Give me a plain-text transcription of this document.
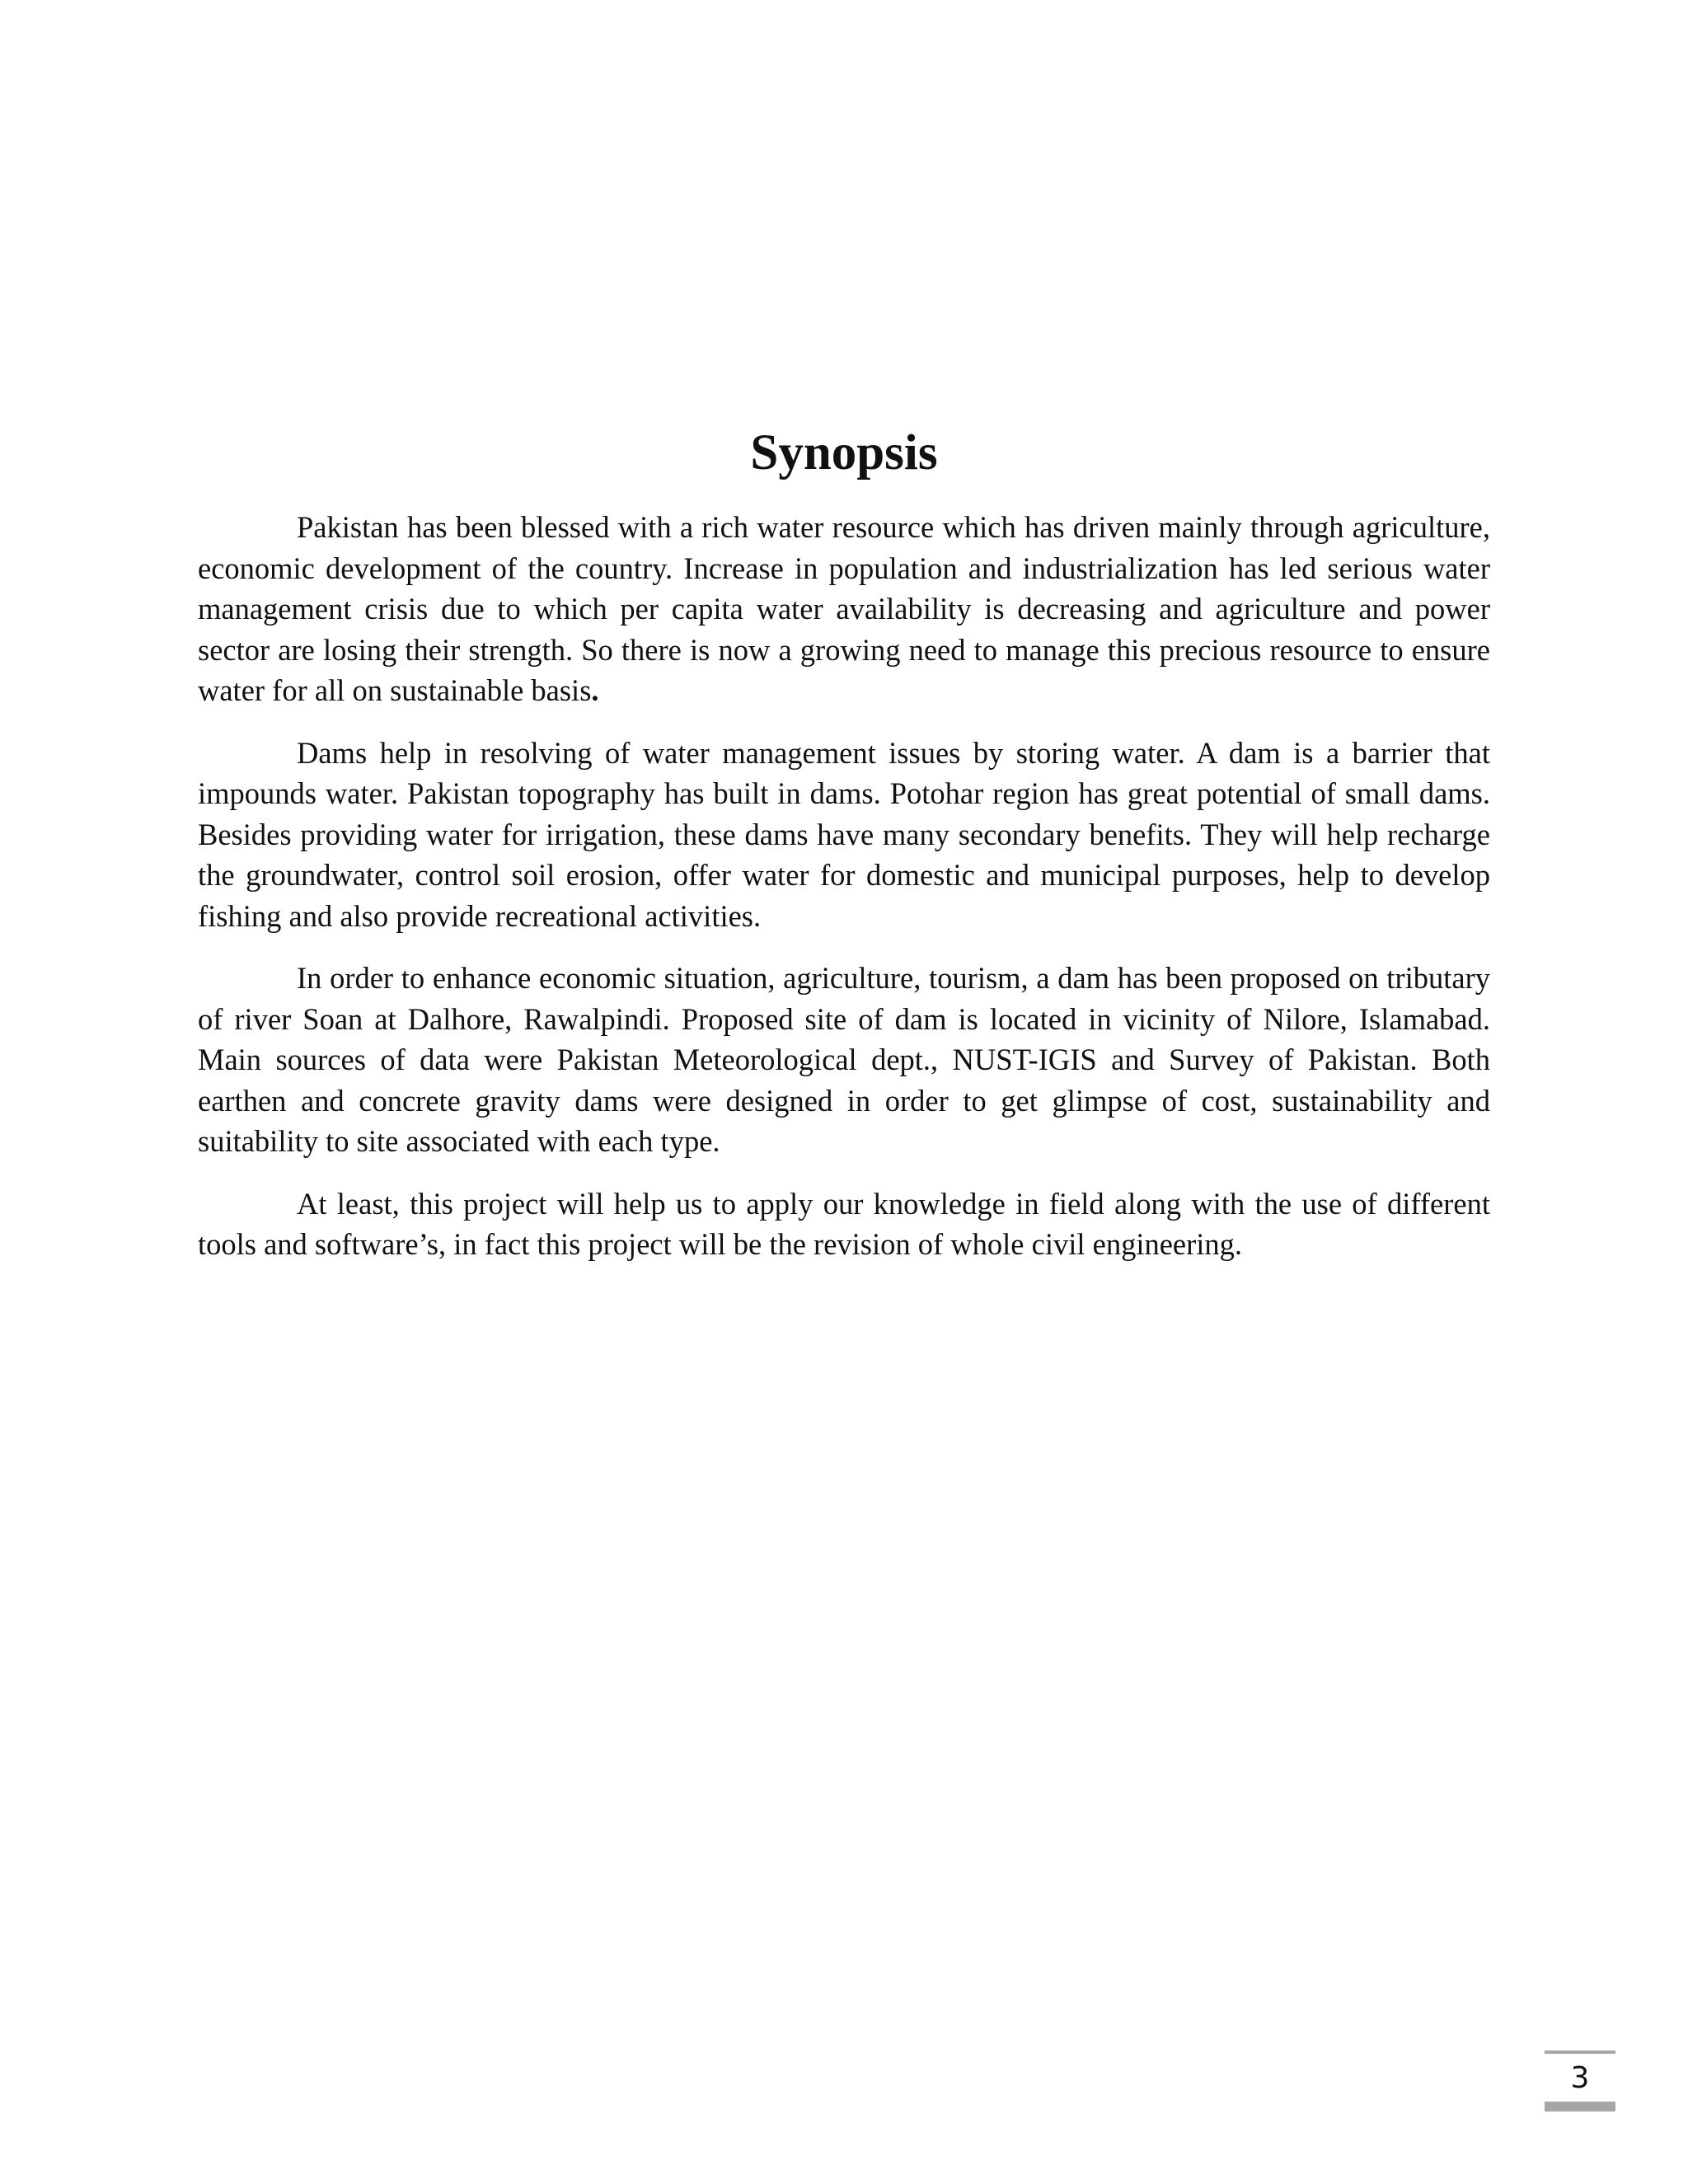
Synopsis

Pakistan has been blessed with a rich water resource which has driven mainly through agriculture, economic development of the country. Increase in population and industrialization has led serious water management crisis due to which per capita water availability is decreasing and agriculture and power sector are losing their strength. So there is now a growing need to manage this precious resource to ensure water for all on sustainable basis.

Dams help in resolving of water management issues by storing water. A dam is a barrier that impounds water. Pakistan topography has built in dams. Potohar region has great potential of small dams. Besides providing water for irrigation, these dams have many secondary benefits. They will help recharge the groundwater, control soil erosion, offer water for domestic and municipal purposes, help to develop fishing and also provide recreational activities.

In order to enhance economic situation, agriculture, tourism, a dam has been proposed on tributary of river Soan at Dalhore, Rawalpindi. Proposed site of dam is located in vicinity of Nilore, Islamabad. Main sources of data were Pakistan Meteorological dept., NUST-IGIS and Survey of Pakistan. Both earthen and concrete gravity dams were designed in order to get glimpse of cost, sustainability and suitability to site associated with each type.

At least, this project will help us to apply our knowledge in field along with the use of different tools and software’s, in fact this project will be the revision of whole civil engineering.

3
